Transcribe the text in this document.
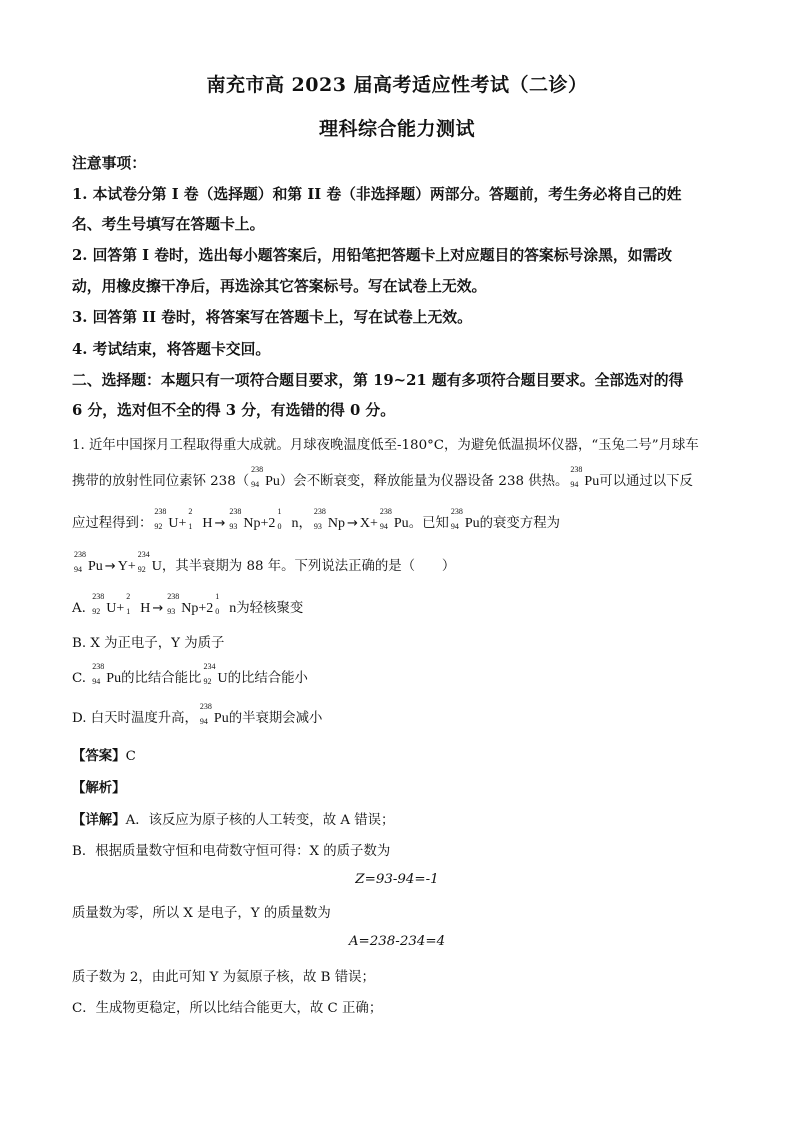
南充市高 2023 届高考适应性考试（二诊）
理科综合能力测试
注意事项：
1. 本试卷分第 I 卷（选择题）和第 II 卷（非选择题）两部分。答题前，考生务必将自己的姓
名、考生号填写在答题卡上。
2. 回答第 I 卷时，选出每小题答案后，用铅笔把答题卡上对应题目的答案标号涂黑，如需改
动，用橡皮擦干净后，再选涂其它答案标号。写在试卷上无效。
3. 回答第 II 卷时，将答案写在答题卡上，写在试卷上无效。
4. 考试结束，将答题卡交回。
二、选择题：本题只有一项符合题目要求，第 19~21 题有多项符合题目要求。全部选对的得
6 分，选对但不全的得 3 分，有选错的得 0 分。
1. 近年中国探月工程取得重大成就。月球夜晚温度低至-180°C，为避免低温损坏仪器，“玉兔二号”月球车
携带的放射性同位素钚 238（
238
94 Pu）会不断衰变，释放能量为仪器设备 238 供热。
238
94 Pu可以通过以下反
应过程得到：
238
92 U+
2
1 H →
238
93 Np+2
1
0 n，
238
93 Np → X+
238
94 Pu。已知
238
94 Pu的衰变方程为
238
94 Pu → Y+
234
92 U，其半衰期为 88 年。下列说法正确的是（　　）
A.
238
92 U+
2
1 H →
238
93 Np+2
1
0 n为轻核聚变
B. X 为正电子，Y 为质子
C.
238
94 Pu的比结合能比
234
92 U的比结合能小
D. 白天时温度升高，
238
94 Pu的半衰期会减小
【答案】C
【解析】
【详解】A．该反应为原子核的人工转变，故 A 错误；
B．根据质量数守恒和电荷数守恒可得：X 的质子数为
Z=93-94=-1
质量数为零，所以 X 是电子，Y 的质量数为
A=238-234=4
质子数为 2，由此可知 Y 为氦原子核，故 B 错误；
C．生成物更稳定，所以比结合能更大，故 C 正确；
